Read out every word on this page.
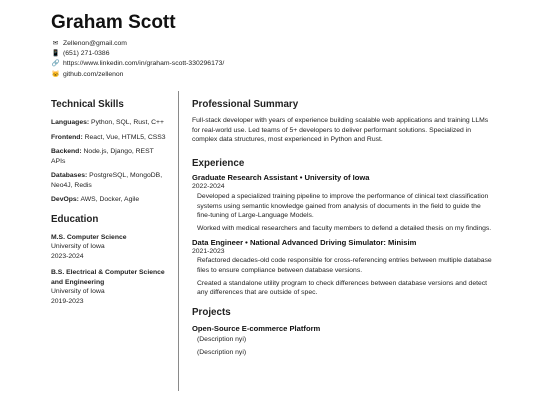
Graham Scott
✉ Zellenon@gmail.com
📱 (651) 271-0386
🔗 https://www.linkedin.com/in/graham-scott-330296173/
🐱 github.com/zellenon
Technical Skills
Languages: Python, SQL, Rust, C++
Frontend: React, Vue, HTML5, CSS3
Backend: Node.js, Django, REST APIs
Databases: PostgreSQL, MongoDB, Neo4J, Redis
DevOps: AWS, Docker, Agile
Education
M.S. Computer Science
University of Iowa
2023-2024
B.S. Electrical & Computer Science and Engineering
University of Iowa
2019-2023
Professional Summary

Full-stack developer with years of experience building scalable web applications and training LLMs for real-world use. Led teams of 5+ developers to deliver performant solutions. Specialized in complex data structures, most experienced in Python and Rust.

Experience
Graduate Research Assistant • University of Iowa
2022-2024
Developed a specialized training pipeline to improve the performance of clinical text classification systems using semantic knowledge gained from analysis of documents in the field to guide the fine-tuning of Large-Language Models.
Worked with medical researchers and faculty members to defend a detailed thesis on my findings.
Data Engineer • National Advanced Driving Simulator: Minisim
2021-2023
Refactored decades-old code responsible for cross-referencing entries between multiple database files to ensure compliance between database versions.
Created a standalone utility program to check differences between database versions and detect any differences that are outside of spec.
Projects
Open-Source E-commerce Platform
(Description nyi)
(Description nyi)
